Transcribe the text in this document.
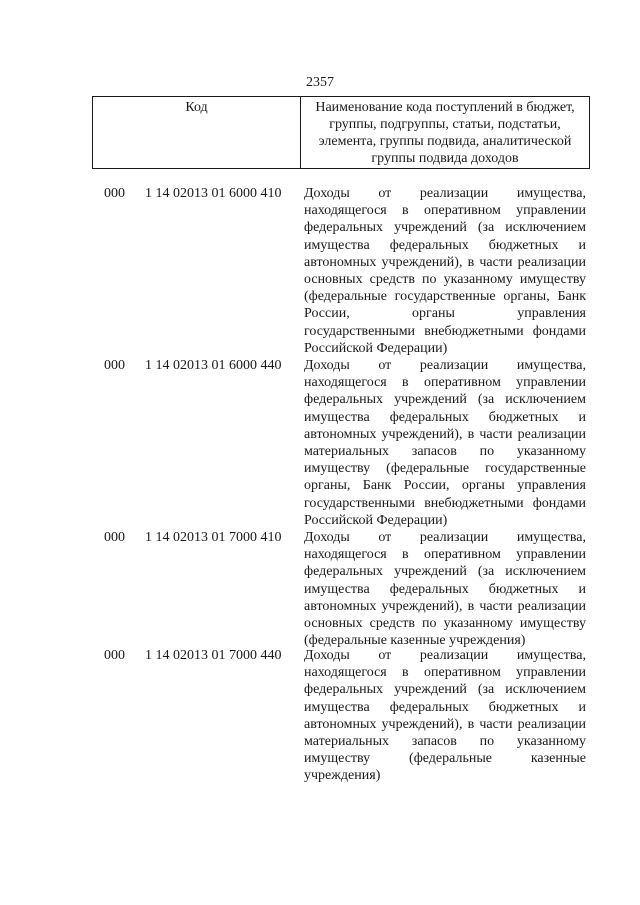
2357
Код	Наименование кода поступлений в бюджет,
группы, подгруппы, статьи, подстатьи,
элемента, группы подвида, аналитической
группы подвида доходов
000 1 14 02013 01 6000 410 Доходы от реализации имущества,
находящегося в оперативном управлении
федеральных учреждений (за исключением
имущества федеральных бюджетных и
автономных учреждений), в части реализации
основных средств по указанному имуществу
(федеральные государственные органы, Банк
России, органы управления
государственными внебюджетными фондами
Российской Федерации)
000 1 14 02013 01 6000 440 Доходы от реализации имущества,
находящегося в оперативном управлении
федеральных учреждений (за исключением
имущества федеральных бюджетных и
автономных учреждений), в части реализации
материальных запасов по указанному
имуществу (федеральные государственные
органы, Банк России, органы управления
государственными внебюджетными фондами
Российской Федерации)
000 1 14 02013 01 7000 410 Доходы от реализации имущества,
находящегося в оперативном управлении
федеральных учреждений (за исключением
имущества федеральных бюджетных и
автономных учреждений), в части реализации
основных средств по указанному имуществу
(федеральные казенные учреждения)
000 1 14 02013 01 7000 440 Доходы от реализации имущества,
находящегося в оперативном управлении
федеральных учреждений (за исключением
имущества федеральных бюджетных и
автономных учреждений), в части реализации
материальных запасов по указанному
имуществу (федеральные казенные
учреждения)
